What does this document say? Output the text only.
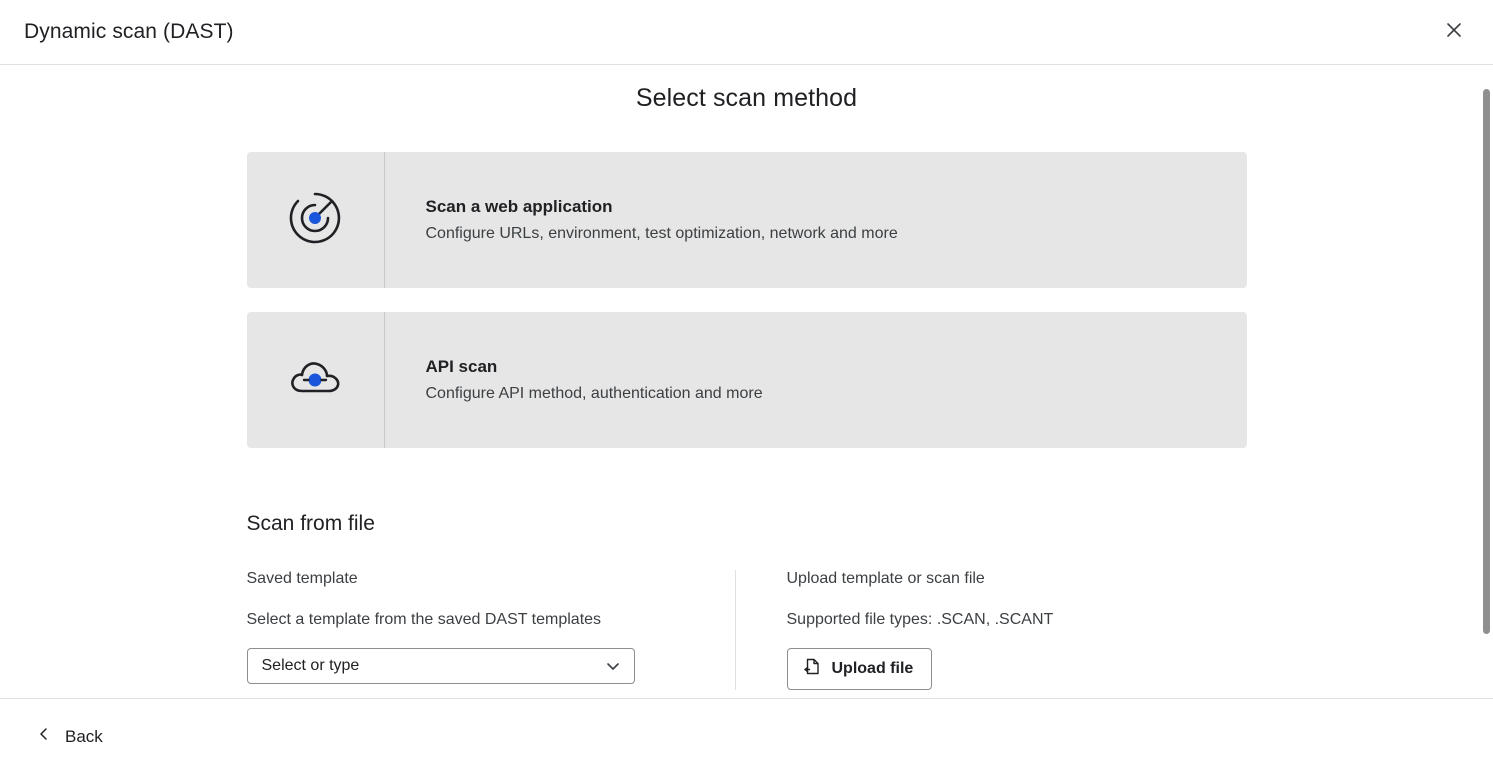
Dynamic scan (DAST)
Select scan method
Scan a web application
Configure URLs, environment, test optimization, network and more
API scan
Configure API method, authentication and more
Scan from file
Saved template
Select a template from the saved DAST templates
Select or type
Upload template or scan file
Supported file types: .SCAN, .SCANT
Upload file
Back
